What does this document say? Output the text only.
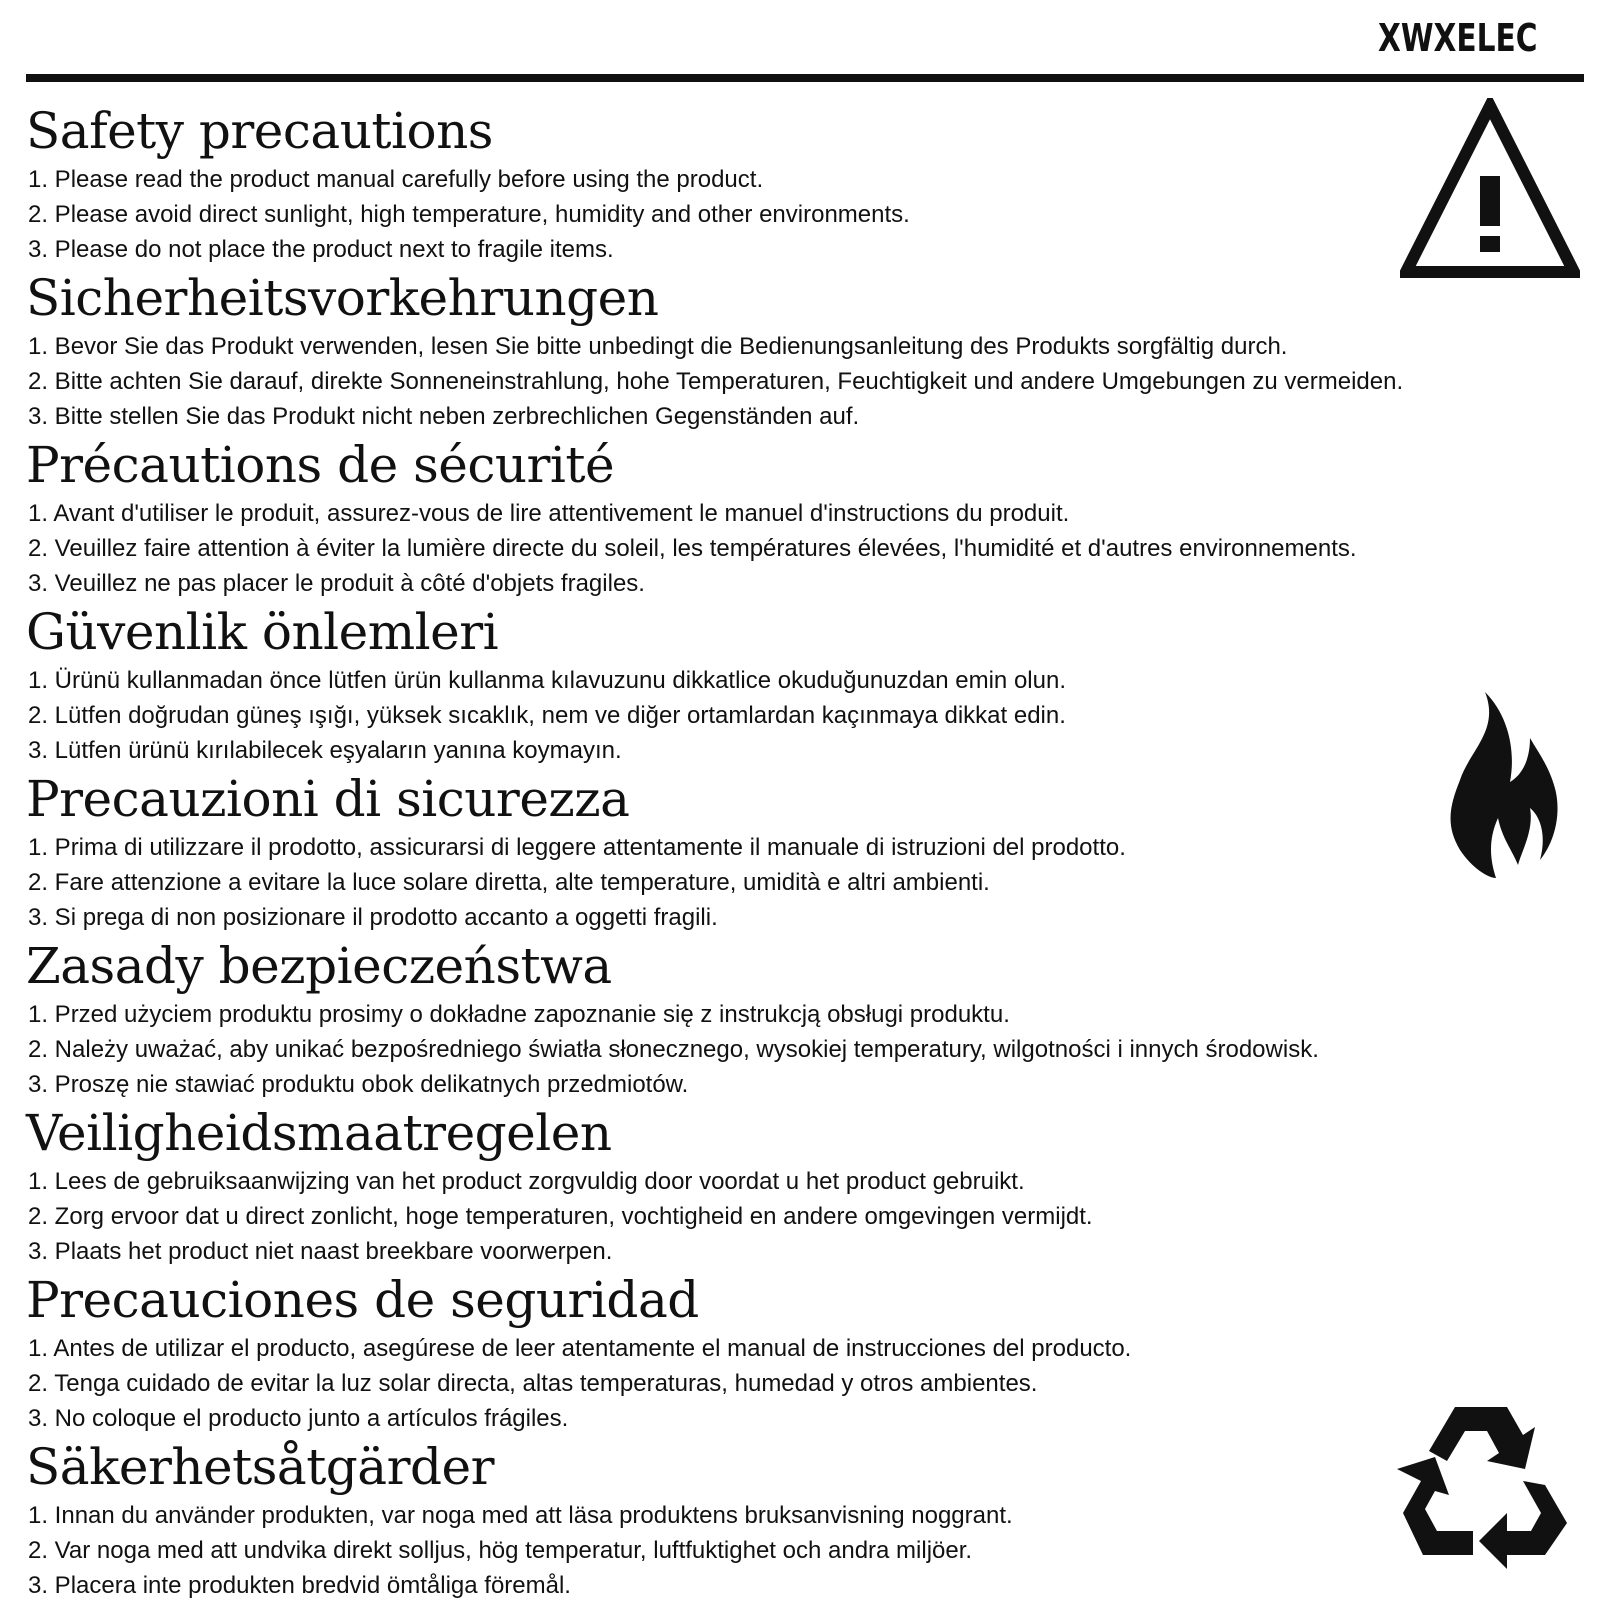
XWXELEC
Safety precautions
1. Please read the product manual carefully before using the product.
2. Please avoid direct sunlight, high temperature, humidity and other environments.
3. Please do not place the product next to fragile items.
Sicherheitsvorkehrungen
1. Bevor Sie das Produkt verwenden, lesen Sie bitte unbedingt die Bedienungsanleitung des Produkts sorgfältig durch.
2. Bitte achten Sie darauf, direkte Sonneneinstrahlung, hohe Temperaturen, Feuchtigkeit und andere Umgebungen zu vermeiden.
3. Bitte stellen Sie das Produkt nicht neben zerbrechlichen Gegenständen auf.
Précautions de sécurité
1. Avant d'utiliser le produit, assurez-vous de lire attentivement le manuel d'instructions du produit.
2. Veuillez faire attention à éviter la lumière directe du soleil, les températures élevées, l'humidité et d'autres environnements.
3. Veuillez ne pas placer le produit à côté d'objets fragiles.
Güvenlik önlemleri
1. Ürünü kullanmadan önce lütfen ürün kullanma kılavuzunu dikkatlice okuduğunuzdan emin olun.
2. Lütfen doğrudan güneş ışığı, yüksek sıcaklık, nem ve diğer ortamlardan kaçınmaya dikkat edin.
3. Lütfen ürünü kırılabilecek eşyaların yanına koymayın.
Precauzioni di sicurezza
1. Prima di utilizzare il prodotto, assicurarsi di leggere attentamente il manuale di istruzioni del prodotto.
2. Fare attenzione a evitare la luce solare diretta, alte temperature, umidità e altri ambienti.
3. Si prega di non posizionare il prodotto accanto a oggetti fragili.
Zasady bezpieczeństwa
1. Przed użyciem produktu prosimy o dokładne zapoznanie się z instrukcją obsługi produktu.
2. Należy uważać, aby unikać bezpośredniego światła słonecznego, wysokiej temperatury, wilgotności i innych środowisk.
3. Proszę nie stawiać produktu obok delikatnych przedmiotów.
Veiligheidsmaatregelen
1. Lees de gebruiksaanwijzing van het product zorgvuldig door voordat u het product gebruikt.
2. Zorg ervoor dat u direct zonlicht, hoge temperaturen, vochtigheid en andere omgevingen vermijdt.
3. Plaats het product niet naast breekbare voorwerpen.
Precauciones de seguridad
1. Antes de utilizar el producto, asegúrese de leer atentamente el manual de instrucciones del producto.
2. Tenga cuidado de evitar la luz solar directa, altas temperaturas, humedad y otros ambientes.
3. No coloque el producto junto a artículos frágiles.
Säkerhetsåtgärder
1. Innan du använder produkten, var noga med att läsa produktens bruksanvisning noggrant.
2. Var noga med att undvika direkt solljus, hög temperatur, luftfuktighet och andra miljöer.
3. Placera inte produkten bredvid ömtåliga föremål.
